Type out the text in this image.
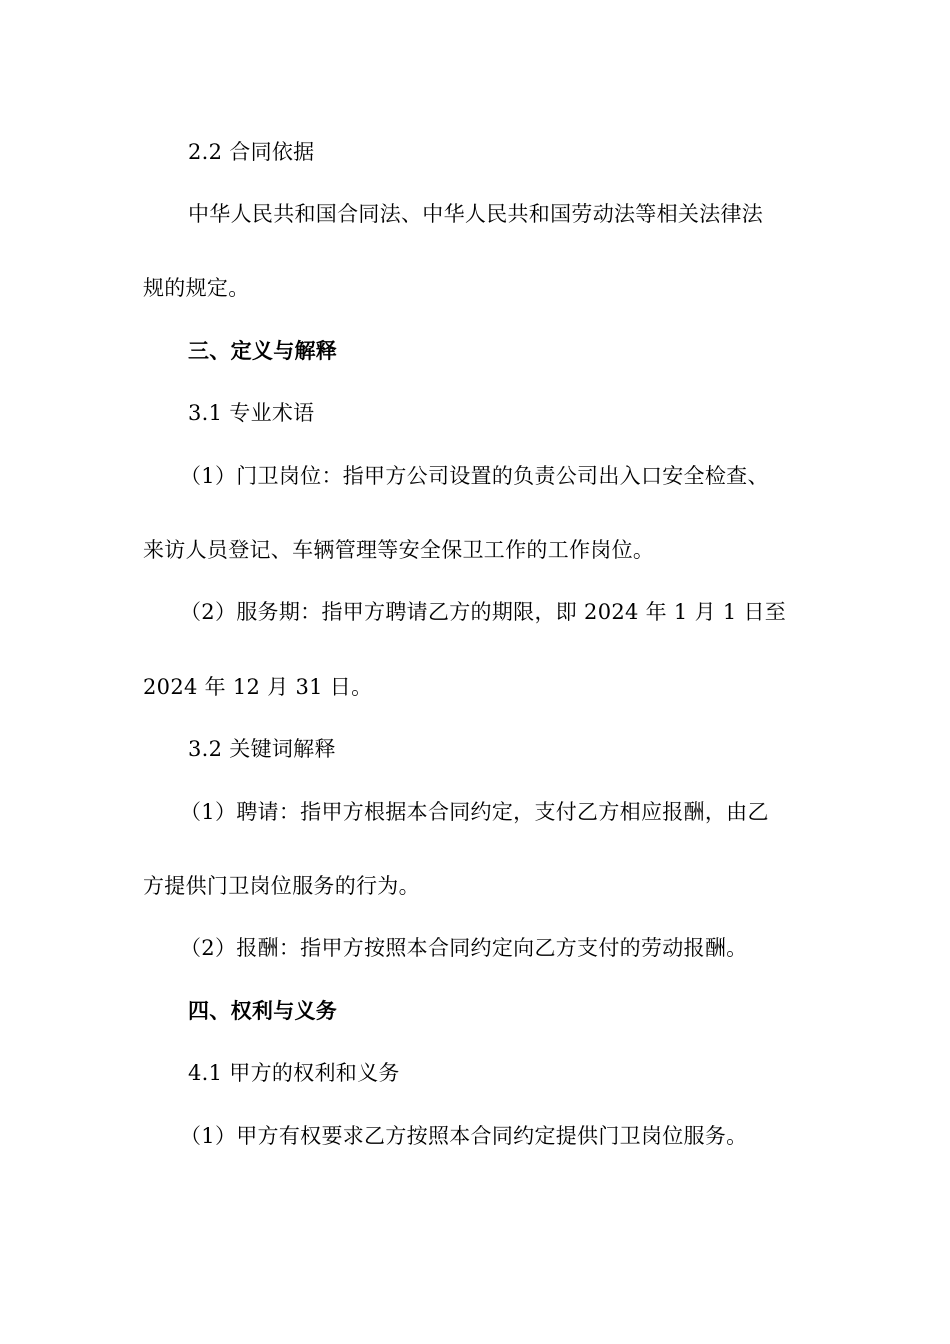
2.2 合同依据
中华人民共和国合同法、中华人民共和国劳动法等相关法律法
规的规定。
三、定义与解释
3.1 专业术语
（1）门卫岗位：指甲方公司设置的负责公司出入口安全检查、
来访人员登记、车辆管理等安全保卫工作的工作岗位。
（2）服务期：指甲方聘请乙方的期限，即 2024 年 1 月 1 日至
2024 年 12 月 31 日。
3.2 关键词解释
（1）聘请：指甲方根据本合同约定，支付乙方相应报酬，由乙
方提供门卫岗位服务的行为。
（2）报酬：指甲方按照本合同约定向乙方支付的劳动报酬。
四、权利与义务
4.1 甲方的权利和义务
（1）甲方有权要求乙方按照本合同约定提供门卫岗位服务。
